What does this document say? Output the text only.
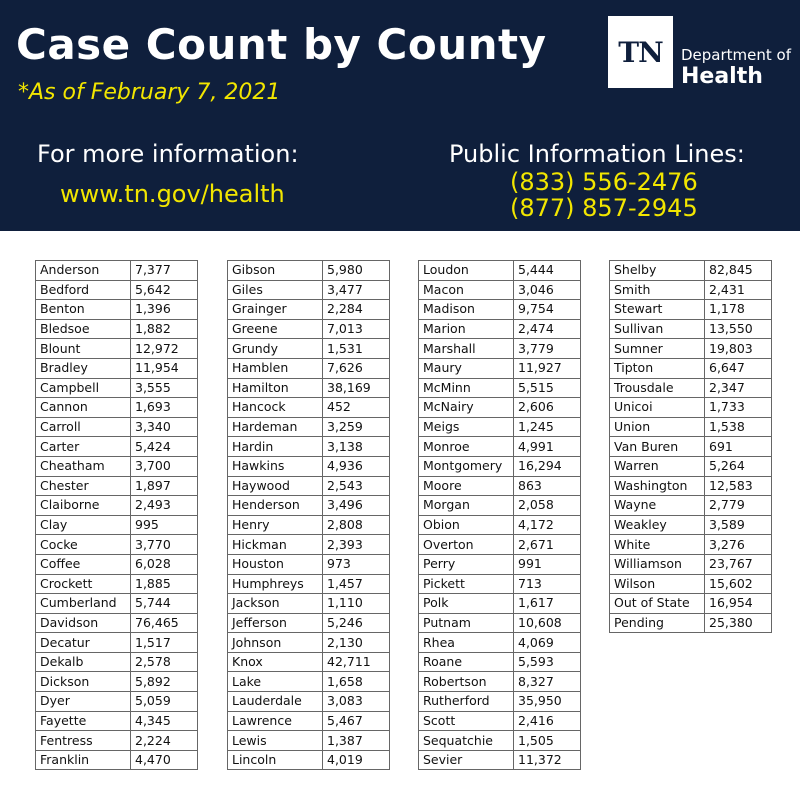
Case Count by County
*As of February 7, 2021
For more information:
www.tn.gov/health
Public Information Lines:
(833) 556-2476
(877) 857-2945
TN Department of
Health
Anderson	7,377
Bedford	5,642
Benton	1,396
Bledsoe	1,882
Blount	12,972
Bradley	11,954
Campbell	3,555
Cannon	1,693
Carroll	3,340
Carter	5,424
Cheatham	3,700
Chester	1,897
Claiborne	2,493
Clay	995
Cocke	3,770
Coffee	6,028
Crockett	1,885
Cumberland	5,744
Davidson	76,465
Decatur	1,517
Dekalb	2,578
Dickson	5,892
Dyer	5,059
Fayette	4,345
Fentress	2,224
Franklin	4,470
Gibson	5,980
Giles	3,477
Grainger	2,284
Greene	7,013
Grundy	1,531
Hamblen	7,626
Hamilton	38,169
Hancock	452
Hardeman	3,259
Hardin	3,138
Hawkins	4,936
Haywood	2,543
Henderson	3,496
Henry	2,808
Hickman	2,393
Houston	973
Humphreys	1,457
Jackson	1,110
Jefferson	5,246
Johnson	2,130
Knox	42,711
Lake	1,658
Lauderdale	3,083
Lawrence	5,467
Lewis	1,387
Lincoln	4,019
Loudon	5,444
Macon	3,046
Madison	9,754
Marion	2,474
Marshall	3,779
Maury	11,927
McMinn	5,515
McNairy	2,606
Meigs	1,245
Monroe	4,991
Montgomery	16,294
Moore	863
Morgan	2,058
Obion	4,172
Overton	2,671
Perry	991
Pickett	713
Polk	1,617
Putnam	10,608
Rhea	4,069
Roane	5,593
Robertson	8,327
Rutherford	35,950
Scott	2,416
Sequatchie	1,505
Sevier	11,372
Shelby	82,845
Smith	2,431
Stewart	1,178
Sullivan	13,550
Sumner	19,803
Tipton	6,647
Trousdale	2,347
Unicoi	1,733
Union	1,538
Van Buren	691
Warren	5,264
Washington	12,583
Wayne	2,779
Weakley	3,589
White	3,276
Williamson	23,767
Wilson	15,602
Out of State	16,954
Pending	25,380
